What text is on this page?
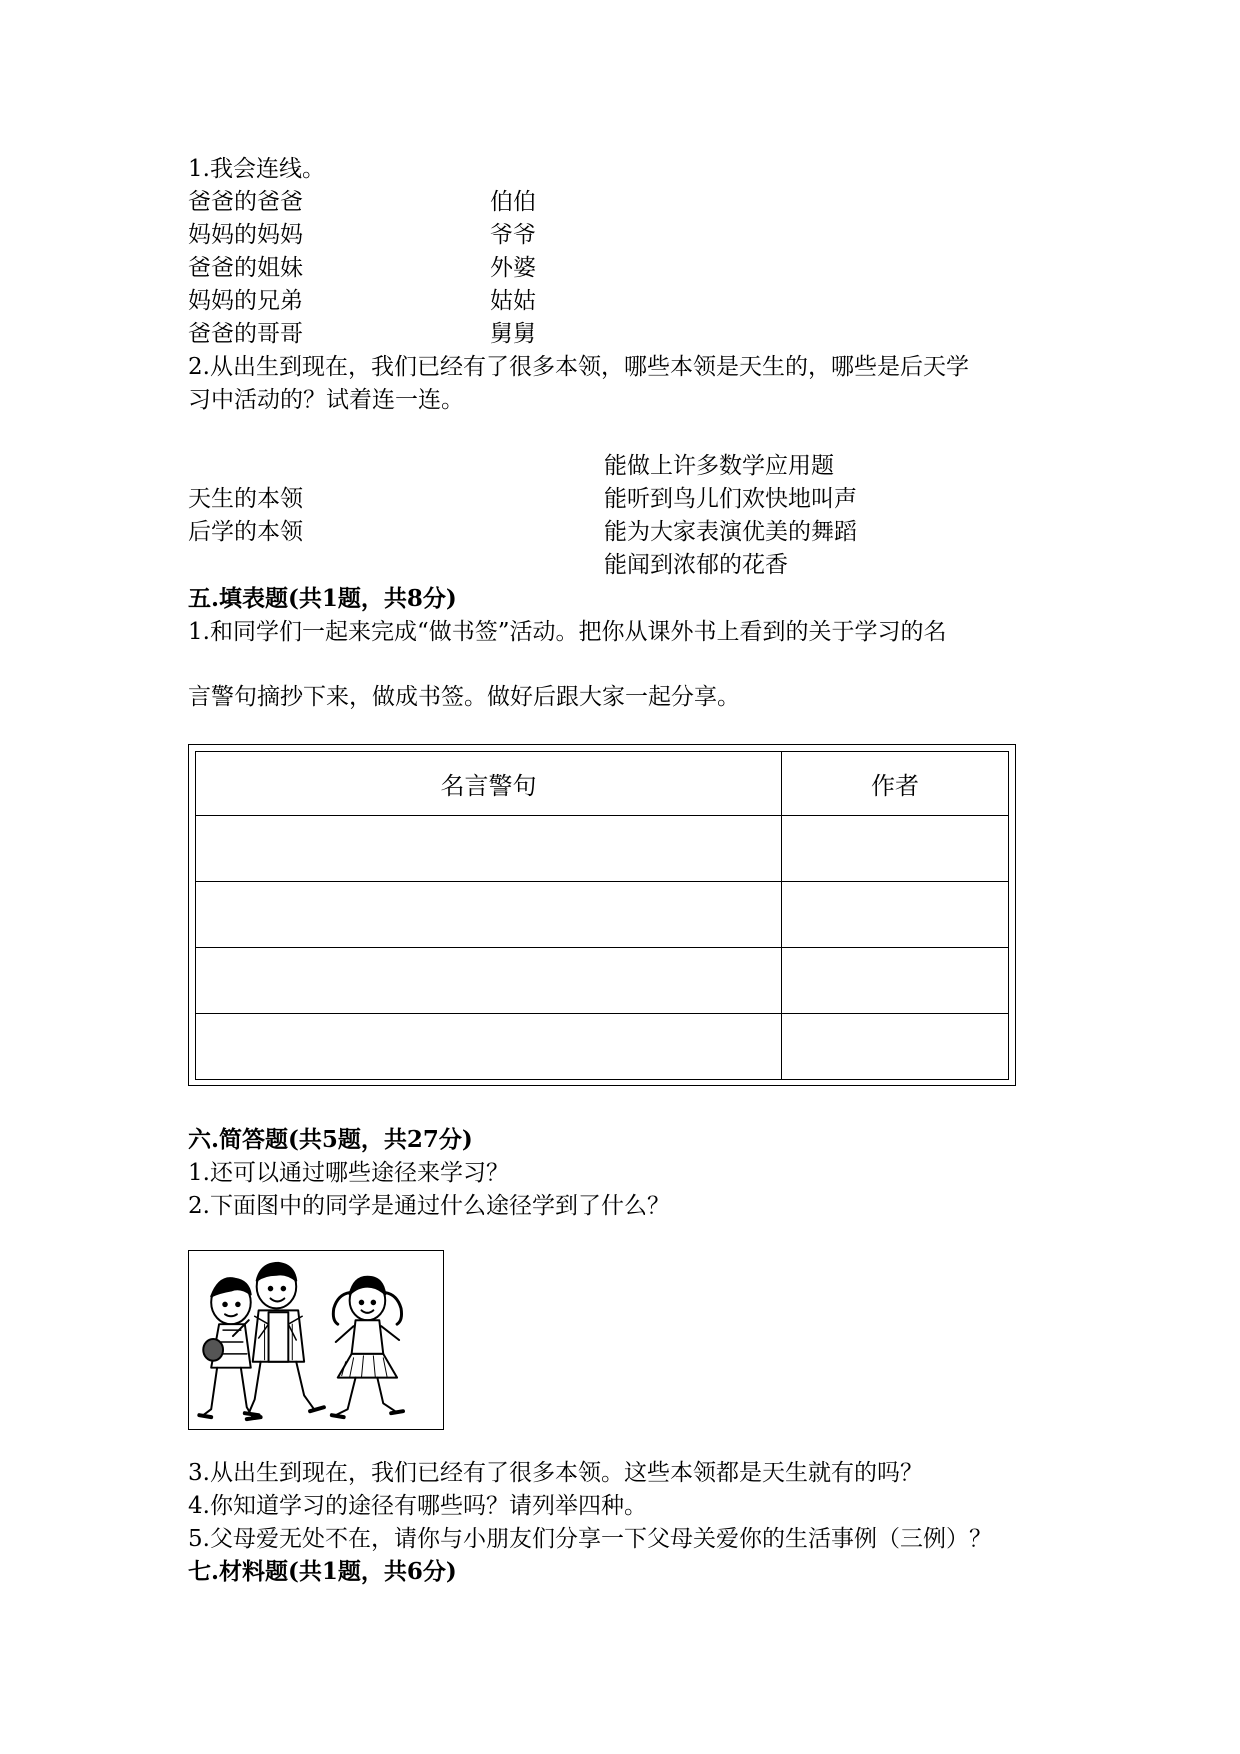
1.我会连线。
爸爸的爸爸	伯伯
妈妈的妈妈	爷爷
爸爸的姐妹	外婆
妈妈的兄弟	姑姑
爸爸的哥哥	舅舅
2.从出生到现在，我们已经有了很多本领，哪些本领是天生的，哪些是后天学
习中活动的？试着连一连。
能做上许多数学应用题
天生的本领	能听到鸟儿们欢快地叫声
后学的本领	能为大家表演优美的舞蹈
能闻到浓郁的花香
五.填表题(共1题，共8分)
1.和同学们一起来完成“做书签”活动。把你从课外书上看到的关于学习的名
言警句摘抄下来，做成书签。做好后跟大家一起分享。
名言警句	作者

六.简答题(共5题，共27分)
1.还可以通过哪些途径来学习？
2.下面图中的同学是通过什么途径学到了什么？
3.从出生到现在，我们已经有了很多本领。这些本领都是天生就有的吗？
4.你知道学习的途径有哪些吗？请列举四种。
5.父母爱无处不在，请你与小朋友们分享一下父母关爱你的生活事例（三例）？
七.材料题(共1题，共6分)
